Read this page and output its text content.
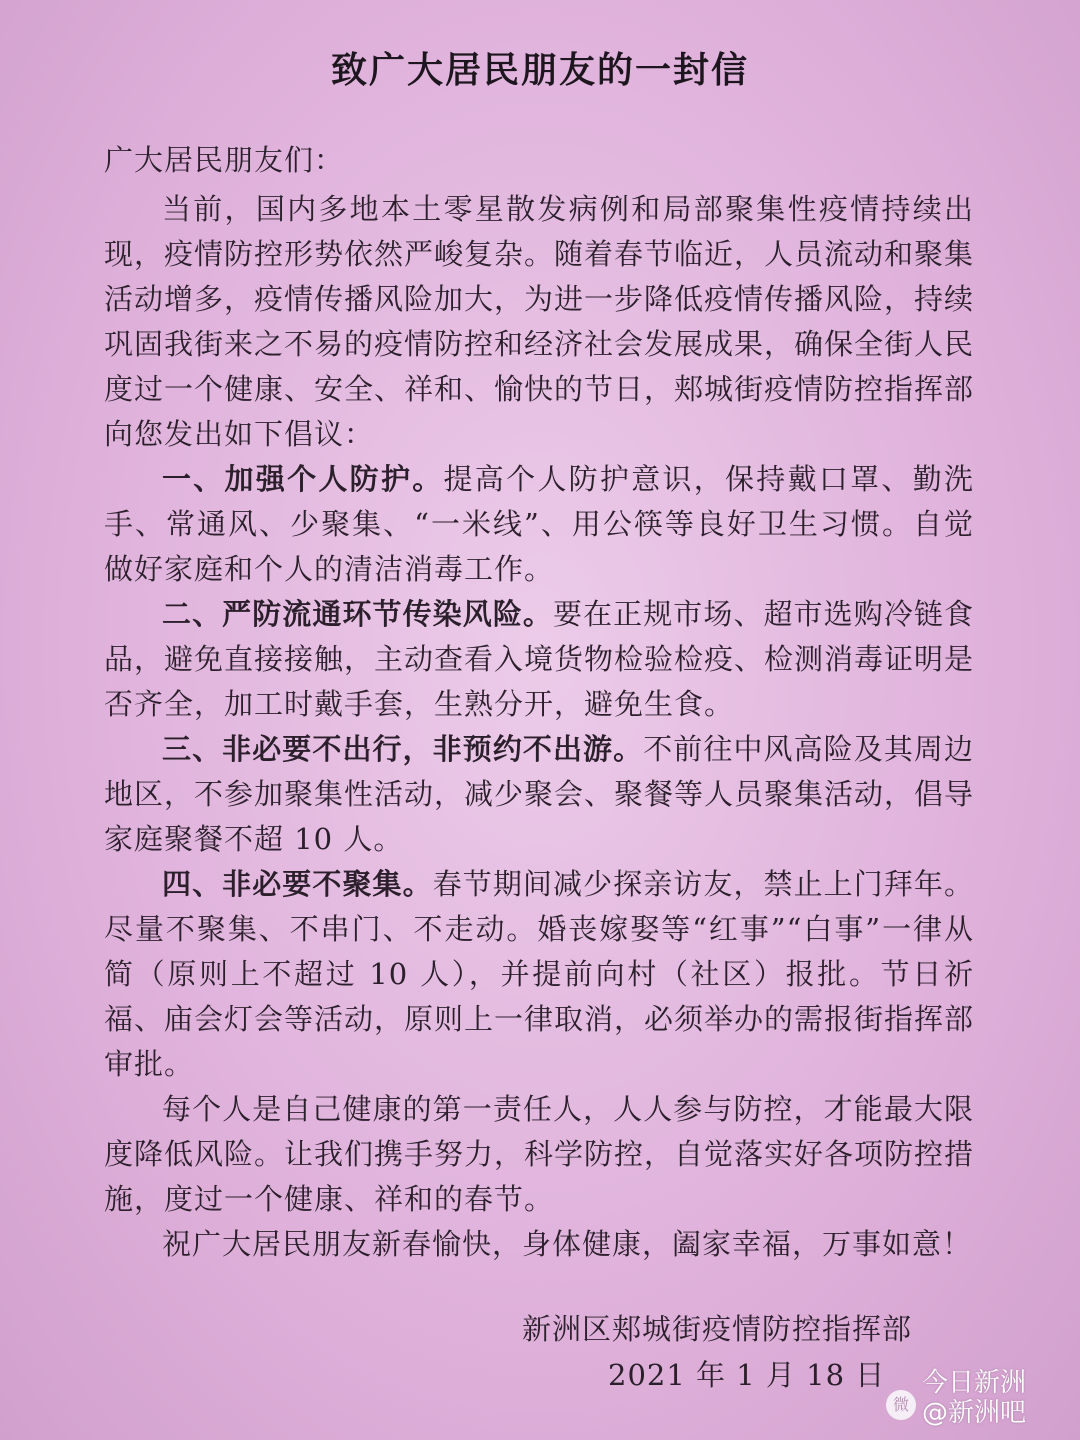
致广大居民朋友的一封信

广大居民朋友们：

当前，国内多地本土零星散发病例和局部聚集性疫情持续出现，疫情防控形势依然严峻复杂。随着春节临近，人员流动和聚集活动增多，疫情传播风险加大，为进一步降低疫情传播风险，持续巩固我街来之不易的疫情防控和经济社会发展成果，确保全街人民度过一个健康、安全、祥和、愉快的节日，郏城街疫情防控指挥部向您发出如下倡议：

一、加强个人防护。提高个人防护意识，保持戴口罩、勤洗手、常通风、少聚集、“一米线”、用公筷等良好卫生习惯。自觉做好家庭和个人的清洁消毒工作。

二、严防流通环节传染风险。要在正规市场、超市选购冷链食品，避免直接接触，主动查看入境货物检验检疫、检测消毒证明是否齐全，加工时戴手套，生熟分开，避免生食。

三、非必要不出行，非预约不出游。不前往中风高险及其周边地区，不参加聚集性活动，减少聚会、聚餐等人员聚集活动，倡导家庭聚餐不超 10 人。

四、非必要不聚集。春节期间减少探亲访友，禁止上门拜年。尽量不聚集、不串门、不走动。婚丧嫁娶等“红事”“白事”一律从简（原则上不超过 10 人），并提前向村（社区）报批。节日祈福、庙会灯会等活动，原则上一律取消，必须举办的需报街指挥部审批。

每个人是自己健康的第一责任人，人人参与防控，才能最大限度降低风险。让我们携手努力，科学防控，自觉落实好各项防控措施，度过一个健康、祥和的春节。

祝广大居民朋友新春愉快，身体健康，阖家幸福，万事如意！

新洲区郏城街疫情防控指挥部
2021 年 1 月 18 日
微
今日新洲
@新洲吧
